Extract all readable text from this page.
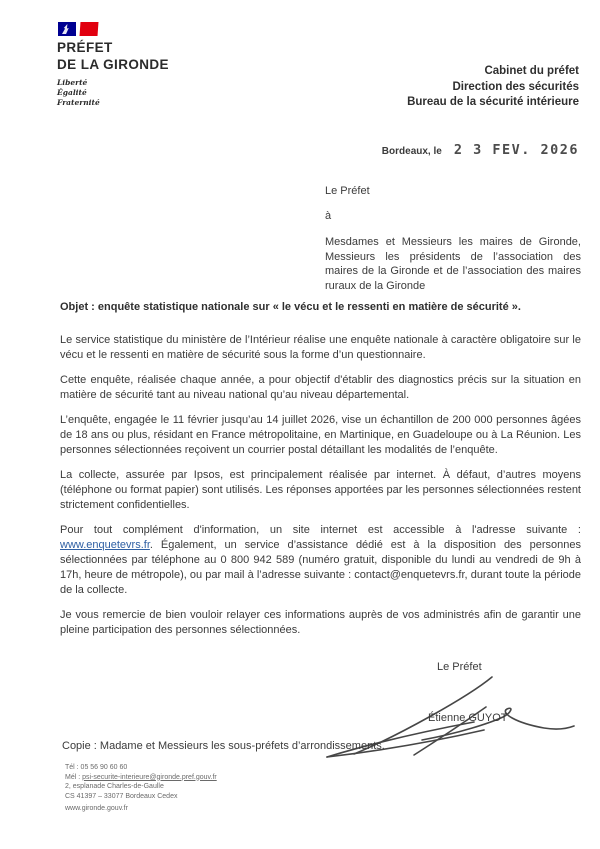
PRÉFET
DE LA GIRONDE
Liberté
Égalité
Fraternité
Cabinet du préfet
Direction des sécurités
Bureau de la sécurité intérieure
Bordeaux, le 2 3 FEV. 2026
Le Préfet
à
Mesdames et Messieurs les maires de Gironde, Messieurs les présidents de l’association des maires de la Gironde et de l’association des maires ruraux de la Gironde
Objet : enquête statistique nationale sur « le vécu et le ressenti en matière de sécurité ».

Le service statistique du ministère de l’Intérieur réalise une enquête nationale à caractère obligatoire sur le vécu et le ressenti en matière de sécurité sous la forme d’un questionnaire.

Cette enquête, réalisée chaque année, a pour objectif d'établir des diagnostics précis sur la situation en matière de sécurité tant au niveau national qu’au niveau départemental.

L’enquête, engagée le 11 février jusqu’au 14 juillet 2026, vise un échantillon de 200 000 personnes âgées de 18 ans ou plus, résidant en France métropolitaine, en Martinique, en Guadeloupe ou à La Réunion. Les personnes sélectionnées reçoivent un courrier postal détaillant les modalités de l’enquête.

La collecte, assurée par Ipsos, est principalement réalisée par internet. À défaut, d’autres moyens (téléphone ou format papier) sont utilisés. Les réponses apportées par les personnes sélectionnées restent strictement confidentielles.

Pour tout complément d'information, un site internet est accessible à l'adresse suivante : www.enquetevrs.fr. Également, un service d’assistance dédié est à la disposition des personnes sélectionnées par téléphone au 0 800 942 589 (numéro gratuit, disponible du lundi au vendredi de 9h à 17h, heure de métropole), ou par mail à l’adresse suivante : contact@enquetevrs.fr, durant toute la période de la collecte.

Je vous remercie de bien vouloir relayer ces informations auprès de vos administrés afin de garantir une pleine participation des personnes sélectionnées.

Le Préfet
Étienne GUYOT
Copie : Madame et Messieurs les sous-préfets d’arrondissements.
Tél : 05 56 90 60 60
Mél : psi-securite-interieure@gironde.pref.gouv.fr
2, esplanade Charles-de-Gaulle
CS 41397 – 33077 Bordeaux Cedex
www.gironde.gouv.fr
